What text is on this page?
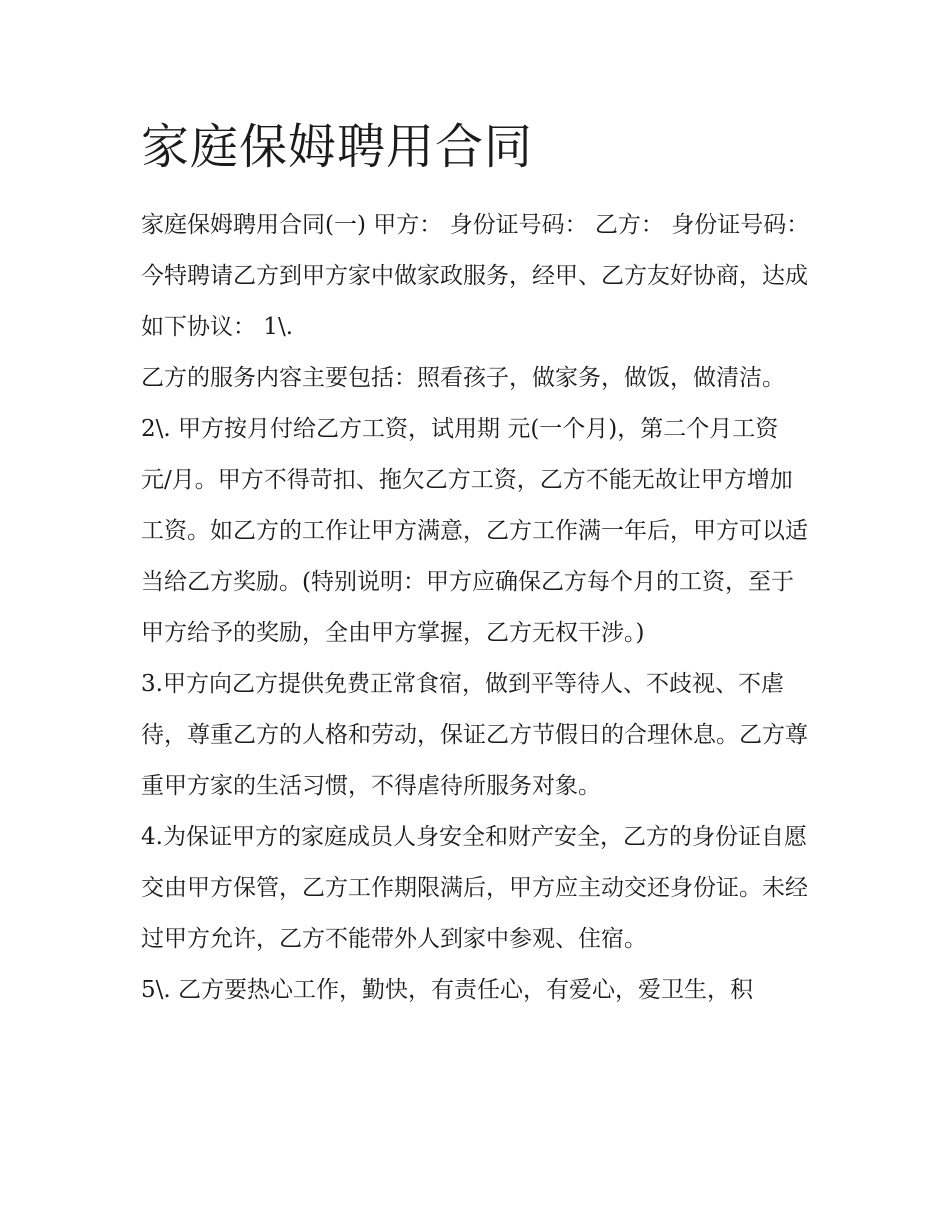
家庭保姆聘用合同

家庭保姆聘用合同(一) 甲方： 身份证号码： 乙方： 身份证号码： 今特聘请乙方到甲方家中做家政服务，经甲、乙方友好协商，达成如下协议： 1\.

乙方的服务内容主要包括：照看孩子，做家务，做饭，做清洁。 2\. 甲方按月付给乙方工资，试用期 元(一个月)，第二个月工资

元/月。甲方不得苛扣、拖欠乙方工资，乙方不能无故让甲方增加工资。如乙方的工作让甲方满意，乙方工作满一年后，甲方可以适当给乙方奖励。(特别说明：甲方应确保乙方每个月的工资，至于甲方给予的奖励，全由甲方掌握，乙方无权干涉。)

3.甲方向乙方提供免费正常食宿，做到平等待人、不歧视、不虐待，尊重乙方的人格和劳动，保证乙方节假日的合理休息。乙方尊重甲方家的生活习惯，不得虐待所服务对象。

4.为保证甲方的家庭成员人身安全和财产安全，乙方的身份证自愿交由甲方保管，乙方工作期限满后，甲方应主动交还身份证。未经过甲方允许，乙方不能带外人到家中参观、住宿。

5\. 乙方要热心工作，勤快，有责任心，有爱心，爱卫生，积
